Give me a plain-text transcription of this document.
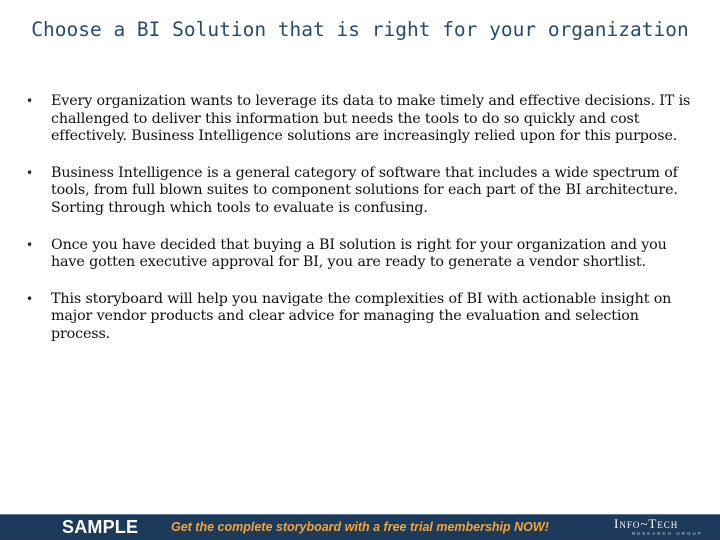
Choose a BI Solution that is right for your organization
• Every organization wants to leverage its data to make timely and effective decisions. IT is challenged to deliver this information but needs the tools to do so quickly and cost effectively. Business Intelligence solutions are increasingly relied upon for this purpose.
• Business Intelligence is a general category of software that includes a wide spectrum of tools, from full blown suites to component solutions for each part of the BI architecture. Sorting through which tools to evaluate is confusing.
• Once you have decided that buying a BI solution is right for your organization and you have gotten executive approval for BI, you are ready to generate a vendor shortlist.
• This storyboard will help you navigate the complexities of BI with actionable insight on major vendor products and clear advice for managing the evaluation and selection process.
SAMPLE	Get the complete storyboard with a free trial membership NOW!	Info~Tech
RESEARCH GROUP
